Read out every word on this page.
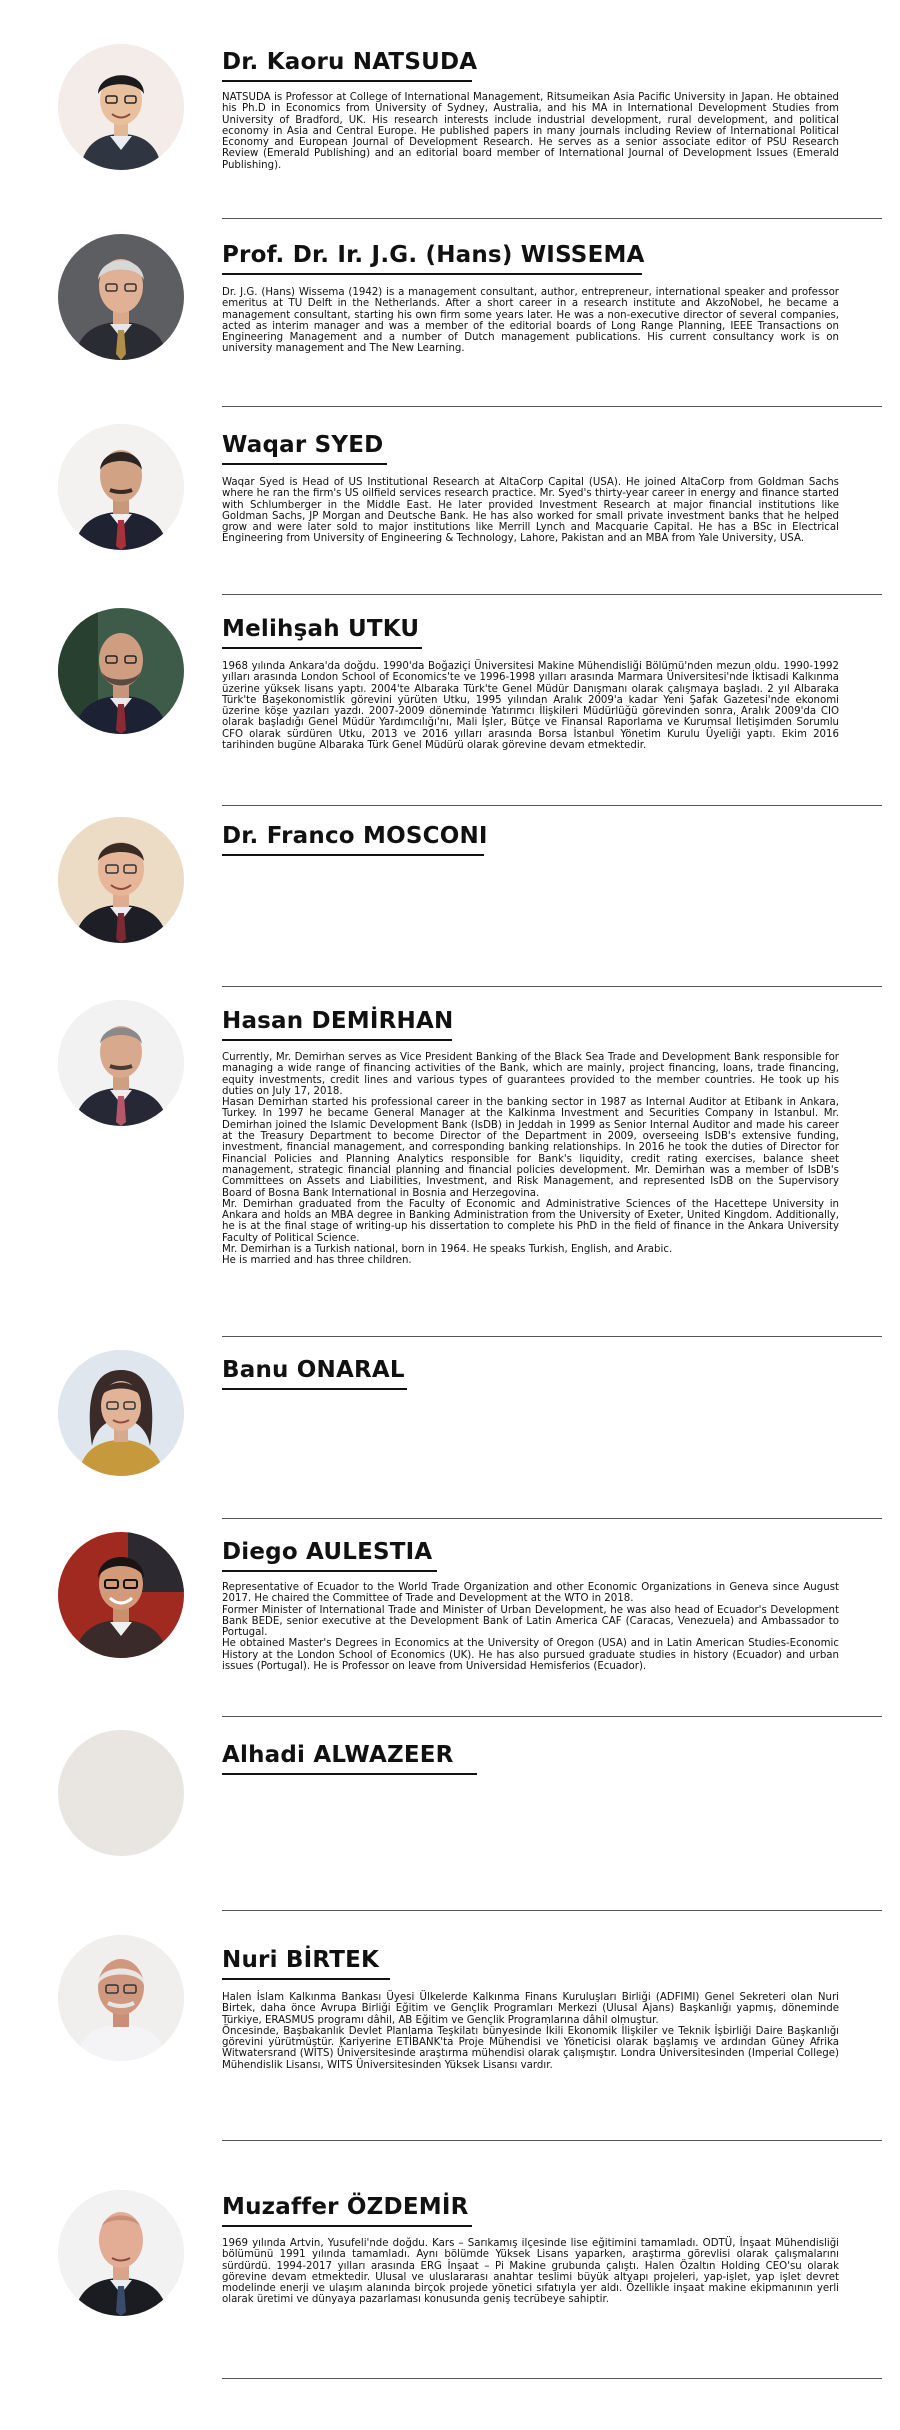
Dr. Kaoru NATSUDA

NATSUDA is Professor at College of International Management, Ritsumeikan Asia Pacific University in Japan. He obtained his Ph.D in Economics from University of Sydney, Australia, and his MA in International Development Studies from University of Bradford, UK. His research interests include industrial development, rural development, and political economy in Asia and Central Europe. He published papers in many journals including Review of International Political Economy and European Journal of Development Research. He serves as a senior associate editor of PSU Research Review (Emerald Publishing) and an editorial board member of International Journal of Development Issues (Emerald Publishing).

Prof. Dr. Ir. J.G. (Hans) WISSEMA

Dr. J.G. (Hans) Wissema (1942) is a management consultant, author, entrepreneur, international speaker and professor emeritus at TU Delft in the Netherlands. After a short career in a research institute and AkzoNobel, he became a management consultant, starting his own firm some years later. He was a non-executive director of several companies, acted as interim manager and was a member of the editorial boards of Long Range Planning, IEEE Transactions on Engineering Management and a number of Dutch management publications. His current consultancy work is on university management and The New Learning.

Waqar SYED

Waqar Syed is Head of US Institutional Research at AltaCorp Capital (USA). He joined AltaCorp from Goldman Sachs where he ran the firm's US oilfield services research practice. Mr. Syed's thirty-year career in energy and finance started with Schlumberger in the Middle East. He later provided Investment Research at major financial institutions like Goldman Sachs, JP Morgan and Deutsche Bank. He has also worked for small private investment banks that he helped grow and were later sold to major institutions like Merrill Lynch and Macquarie Capital. He has a BSc in Electrical Engineering from University of Engineering & Technology, Lahore, Pakistan and an MBA from Yale University, USA.

Melihşah UTKU

1968 yılında Ankara'da doğdu. 1990'da Boğaziçi Üniversitesi Makine Mühendisliği Bölümü'nden mezun oldu. 1990-1992 yılları arasında London School of Economics'te ve 1996-1998 yılları arasında Marmara Üniversitesi'nde İktisadi Kalkınma üzerine yüksek lisans yaptı. 2004'te Albaraka Türk'te Genel Müdür Danışmanı olarak çalışmaya başladı. 2 yıl Albaraka Türk'te Başekonomistlik görevini yürüten Utku, 1995 yılından Aralık 2009'a kadar Yeni Şafak Gazetesi'nde ekonomi üzerine köşe yazıları yazdı. 2007-2009 döneminde Yatırımcı İlişkileri Müdürlüğü görevinden sonra, Aralık 2009'da CIO olarak başladığı Genel Müdür Yardımcılığı'nı, Mali İşler, Bütçe ve Finansal Raporlama ve Kurumsal İletişimden Sorumlu CFO olarak sürdüren Utku, 2013 ve 2016 yılları arasında Borsa İstanbul Yönetim Kurulu Üyeliği yaptı. Ekim 2016 tarihinden bugüne Albaraka Türk Genel Müdürü olarak görevine devam etmektedir.

Dr. Franco MOSCONI
Hasan DEMİRHAN

Currently, Mr. Demirhan serves as Vice President Banking of the Black Sea Trade and Development Bank responsible for managing a wide range of financing activities of the Bank, which are mainly, project financing, loans, trade financing, equity investments, credit lines and various types of guarantees provided to the member countries. He took up his duties on July 17, 2018.

Hasan Demirhan started his professional career in the banking sector in 1987 as Internal Auditor at Etibank in Ankara, Turkey. In 1997 he became General Manager at the Kalkinma Investment and Securities Company in Istanbul. Mr. Demirhan joined the Islamic Development Bank (IsDB) in Jeddah in 1999 as Senior Internal Auditor and made his career at the Treasury Department to become Director of the Department in 2009, overseeing IsDB's extensive funding, investment, financial management, and corresponding banking relationships. In 2016 he took the duties of Director for Financial Policies and Planning Analytics responsible for Bank's liquidity, credit rating exercises, balance sheet management, strategic financial planning and financial policies development. Mr. Demirhan was a member of IsDB's Committees on Assets and Liabilities, Investment, and Risk Management, and represented IsDB on the Supervisory Board of Bosna Bank International in Bosnia and Herzegovina.

Mr. Demirhan graduated from the Faculty of Economic and Administrative Sciences of the Hacettepe University in Ankara and holds an MBA degree in Banking Administration from the University of Exeter, United Kingdom. Additionally, he is at the final stage of writing-up his dissertation to complete his PhD in the field of finance in the Ankara University Faculty of Political Science.

Mr. Demirhan is a Turkish national, born in 1964. He speaks Turkish, English, and Arabic.

He is married and has three children.

Banu ONARAL
Diego AULESTIA

Representative of Ecuador to the World Trade Organization and other Economic Organizations in Geneva since August 2017. He chaired the Committee of Trade and Development at the WTO in 2018.

Former Minister of International Trade and Minister of Urban Development, he was also head of Ecuador's Development Bank BEDE, senior executive at the Development Bank of Latin America CAF (Caracas, Venezuela) and Ambassador to Portugal.

He obtained Master's Degrees in Economics at the University of Oregon (USA) and in Latin American Studies-Economic History at the London School of Economics (UK). He has also pursued graduate studies in history (Ecuador) and urban issues (Portugal). He is Professor on leave from Universidad Hemisferios (Ecuador).

Alhadi ALWAZEER
Nuri BİRTEK

Halen İslam Kalkınma Bankası Üyesi Ülkelerde Kalkınma Finans Kuruluşları Birliği (ADFIMI) Genel Sekreteri olan Nuri Birtek, daha önce Avrupa Birliği Eğitim ve Gençlik Programları Merkezi (Ulusal Ajans) Başkanlığı yapmış, döneminde Türkiye, ERASMUS programı dâhil, AB Eğitim ve Gençlik Programlarına dâhil olmuştur.

Öncesinde, Başbakanlık Devlet Planlama Teşkilatı bünyesinde İkili Ekonomik İlişkiler ve Teknik İşbirliği Daire Başkanlığı görevini yürütmüştür. Kariyerine ETİBANK'ta Proje Mühendisi ve Yöneticisi olarak başlamış ve ardından Güney Afrika Witwatersrand (WITS) Üniversitesinde araştırma mühendisi olarak çalışmıştır. Londra Üniversitesinden (Imperial College) Mühendislik Lisansı, WITS Üniversitesinden Yüksek Lisansı vardır.

Muzaffer ÖZDEMİR

1969 yılında Artvin, Yusufeli'nde doğdu. Kars – Sarıkamış ilçesinde lise eğitimini tamamladı. ODTÜ, İnşaat Mühendisliği bölümünü 1991 yılında tamamladı. Aynı bölümde Yüksek Lisans yaparken, araştırma görevlisi olarak çalışmalarını sürdürdü. 1994-2017 yılları arasında ERG İnşaat – Pi Makine grubunda çalıştı. Halen Özaltın Holding CEO'su olarak görevine devam etmektedir. Ulusal ve uluslararası anahtar teslimi büyük altyapı projeleri, yap-işlet, yap işlet devret modelinde enerji ve ulaşım alanında birçok projede yönetici sıfatıyla yer aldı. Özellikle inşaat makine ekipmanının yerli olarak üretimi ve dünyaya pazarlaması konusunda geniş tecrübeye sahiptir.
